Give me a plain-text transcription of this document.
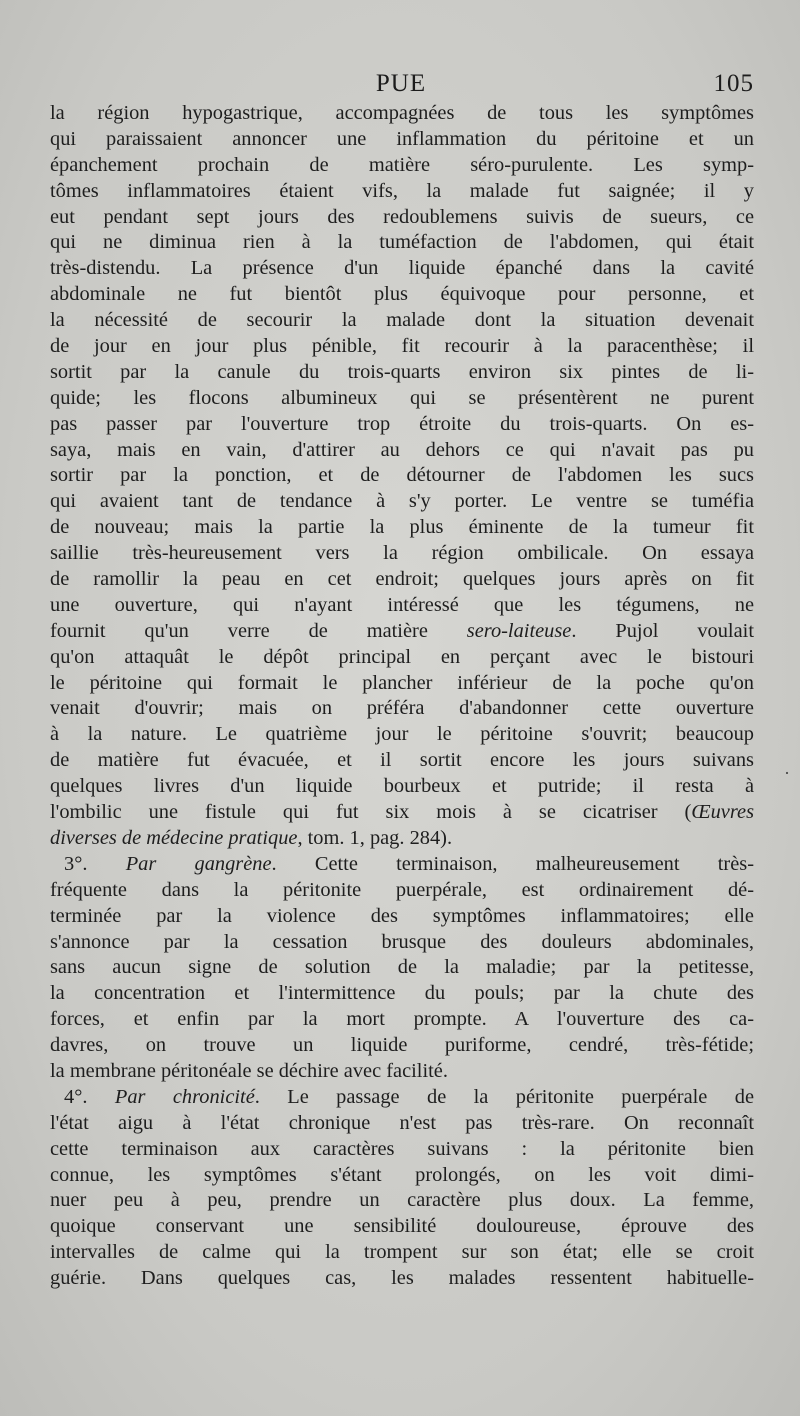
PUE	105
la région hypogastrique, accompagnées de tous les symptômes
qui paraissaient annoncer une inflammation du péritoine et un
épanchement prochain de matière séro-purulente. Les symp-
tômes inflammatoires étaient vifs, la malade fut saignée; il y
eut pendant sept jours des redoublemens suivis de sueurs, ce
qui ne diminua rien à la tuméfaction de l'abdomen, qui était
très-distendu. La présence d'un liquide épanché dans la cavité
abdominale ne fut bientôt plus équivoque pour personne, et
la nécessité de secourir la malade dont la situation devenait
de jour en jour plus pénible, fit recourir à la paracenthèse; il
sortit par la canule du trois-quarts environ six pintes de li-
quide; les flocons albumineux qui se présentèrent ne purent
pas passer par l'ouverture trop étroite du trois-quarts. On es-
saya, mais en vain, d'attirer au dehors ce qui n'avait pas pu
sortir par la ponction, et de détourner de l'abdomen les sucs
qui avaient tant de tendance à s'y porter. Le ventre se tuméfia
de nouveau; mais la partie la plus éminente de la tumeur fit
saillie très-heureusement vers la région ombilicale. On essaya
de ramollir la peau en cet endroit; quelques jours après on fit
une ouverture, qui n'ayant intéressé que les tégumens, ne
fournit qu'un verre de matière sero-laiteuse. Pujol voulait
qu'on attaquât le dépôt principal en perçant avec le bistouri
le péritoine qui formait le plancher inférieur de la poche qu'on
venait d'ouvrir; mais on préféra d'abandonner cette ouverture
à la nature. Le quatrième jour le péritoine s'ouvrit; beaucoup
de matière fut évacuée, et il sortit encore les jours suivans
quelques livres d'un liquide bourbeux et putride; il resta à
l'ombilic une fistule qui fut six mois à se cicatriser (Œuvres
diverses de médecine pratique, tom. 1, pag. 284).
3°. Par gangrène. Cette terminaison, malheureusement très-
fréquente dans la péritonite puerpérale, est ordinairement dé-
terminée par la violence des symptômes inflammatoires; elle
s'annonce par la cessation brusque des douleurs abdominales,
sans aucun signe de solution de la maladie; par la petitesse,
la concentration et l'intermittence du pouls; par la chute des
forces, et enfin par la mort prompte. A l'ouverture des ca-
davres, on trouve un liquide puriforme, cendré, très-fétide;
la membrane péritonéale se déchire avec facilité.
4°. Par chronicité. Le passage de la péritonite puerpérale de
l'état aigu à l'état chronique n'est pas très-rare. On reconnaît
cette terminaison aux caractères suivans : la péritonite bien
connue, les symptômes s'étant prolongés, on les voit dimi-
nuer peu à peu, prendre un caractère plus doux. La femme,
quoique conservant une sensibilité douloureuse, éprouve des
intervalles de calme qui la trompent sur son état; elle se croit
guérie. Dans quelques cas, les malades ressentent habituelle-
·
